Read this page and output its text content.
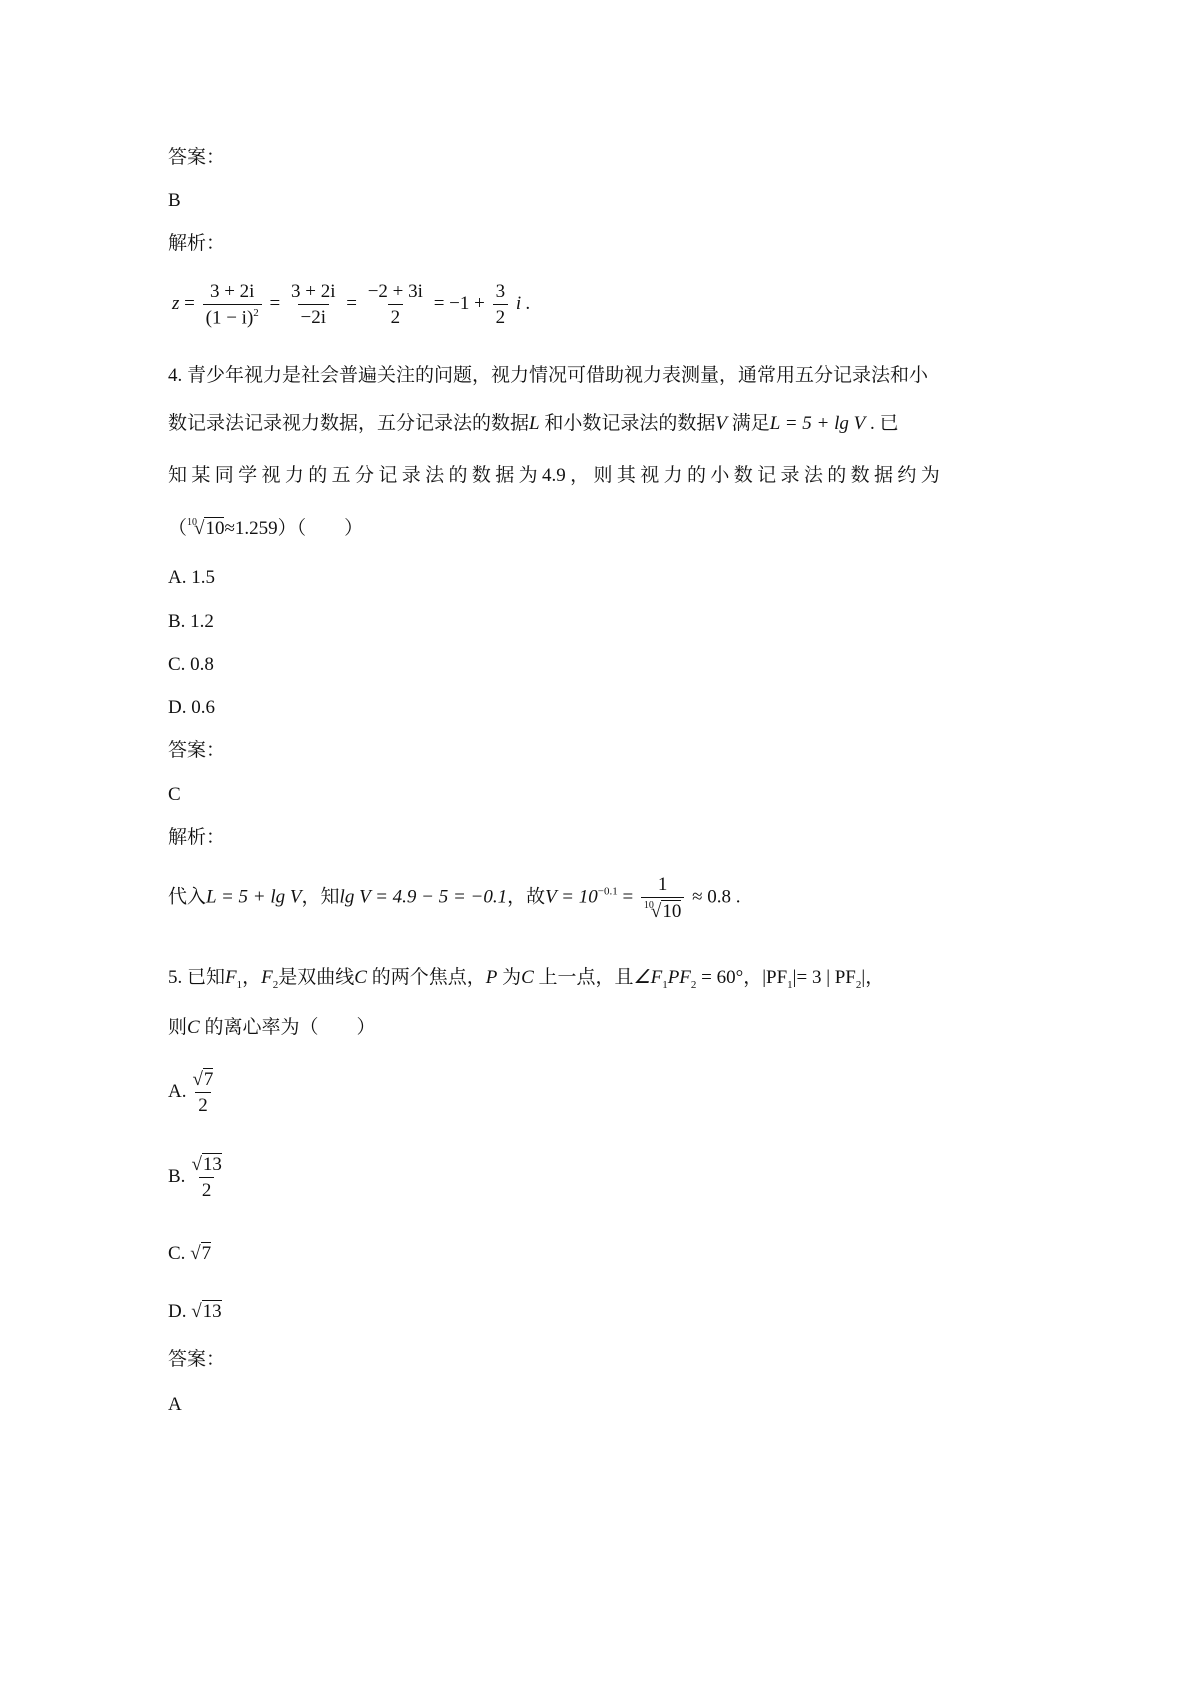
答案：
B
解析：
$z = \frac{3 + 2i}{(1 - i)^2} = \frac{3 + 2i}{-2i} = \frac{-2 + 3i}{2} = -1 + \frac{3}{2}$ i .
4. 青少年视力是社会普遍关注的问题，视力情况可借助视力表测量，通常用五分记录法和小
数记录法记录视力数据，五分记录法的数据L 和小数记录法的数据V 满足L = 5 + lg V . 已
知 某 同 学 视 力 的 五 分 记 录 法 的 数 据 为 4.9 ， 则 其 视 力 的 小 数 记 录 法 的 数 据 约 为
（$^{10}$√10≈1.259）（　　）
A. 1.5
B. 1.2
C. 0.8
D. 0.6
答案：
C
解析：
代入L = 5 + lg V，知lg V = 4.9 − 5 = −0.1，故$V = 10^{-0.1} = \frac{1}{^{10}√10} \approx 0.8$ .
5. 已知$F_1$，$F_2$是双曲线C 的两个焦点，P 为C 上一点，且$\angle F_1PF_2 = 60^\circ$，$|PF_1|= 3$ | $PF_2|$，
则C 的离心率为（　　）
A. $\frac{√7}{2}$
B. $\frac{√13}{2}$
C. √7
D. √13
答案：
A
